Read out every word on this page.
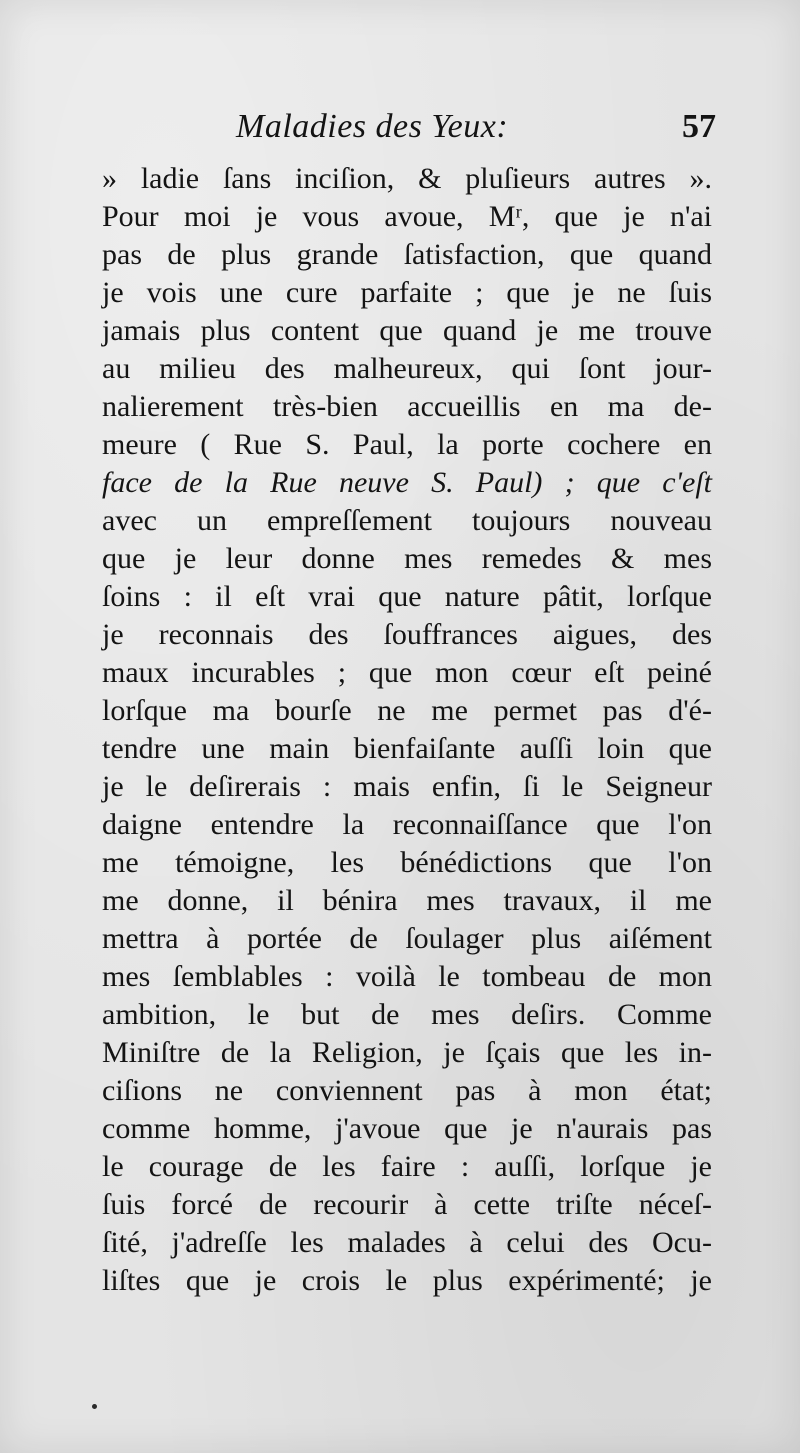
Maladies des Yeux:	57
» ladie ſans inciſion, & pluſieurs autres ».
Pour moi je vous avoue, Mʳ, que je n'ai
pas de plus grande ſatisfaction, que quand
je vois une cure parfaite ; que je ne ſuis
jamais plus content que quand je me trouve
au milieu des malheureux, qui ſont jour-
nalierement très-bien accueillis en ma de-
meure ( Rue S. Paul, la porte cochere en
face de la Rue neuve S. Paul) ; que c'eſt
avec un empreſſement toujours nouveau
que je leur donne mes remedes & mes
ſoins : il eſt vrai que nature pâtit, lorſque
je reconnais des ſouffrances aigues, des
maux incurables ; que mon cœur eſt peiné
lorſque ma bourſe ne me permet pas d'é-
tendre une main bienfaiſante auſſi loin que
je le deſirerais : mais enfin, ſi le Seigneur
daigne entendre la reconnaiſſance que l'on
me témoigne, les bénédictions que l'on
me donne, il bénira mes travaux, il me
mettra à portée de ſoulager plus aiſément
mes ſemblables : voilà le tombeau de mon
ambition, le but de mes deſirs. Comme
Miniſtre de la Religion, je ſçais que les in-
ciſions ne conviennent pas à mon état;
comme homme, j'avoue que je n'aurais pas
le courage de les faire : auſſi, lorſque je
ſuis forcé de recourir à cette triſte néceſ-
ſité, j'adreſſe les malades à celui des Ocu-
liſtes que je crois le plus expérimenté; je
